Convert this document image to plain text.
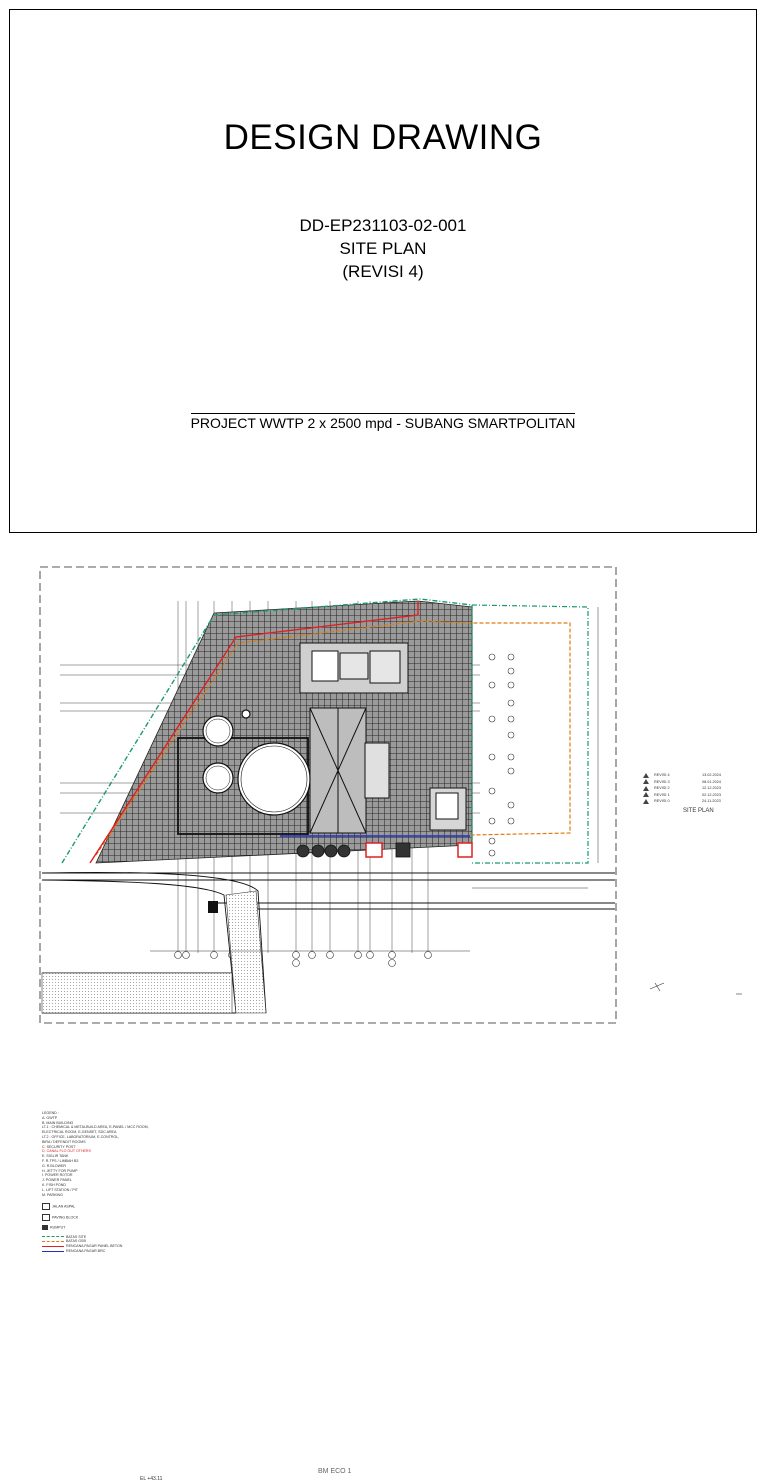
DESIGN DRAWING
DD-EP231103-02-001
SITE PLAN
(REVISI 4)
PROJECT WWTP 2 x 2500 mpd - SUBANG SMARTPOLITAN
LEGEND :
A. GWTP
B. MAIN BUILDING
LT.1 : CHEMICAL & METALBUILD AREA, E-PANEL / MCC ROOM,
ELECTRICAL ROOM, E-GENSET, SDC AREA
LT.2 : OFFICE, LABORATORIUM, E-CONTROL,
BIRA / DEFENDIT ROOMS
C. SECURITY POST
D. CANAL FLO OUT OTHERS
E. SIGLIR TANK
F. R-TPS / LIMBAH B3
G. R.BLOWER
H. JETTY FOR PUMP
I. POWER ROTOR
J. POWER PANEL
K. FISH POND
L. LIFT STATION / PIT
M. PARKING
JALAN ASPAL
PAVING BLOCK
RUMPUT
BATAS SITE
BATAS GSB
RENCANA PAGAR PANEL BETON
RENCANA PAGAR BRC
EL +43.11
BM ECO 1
REVISI 4	13.02.2024
REVISI 3	08.01.2024
REVISI 2	12.12.2023
REVISI 1	02.12.2023
REVISI 0	24.11.2023
SITE PLAN
